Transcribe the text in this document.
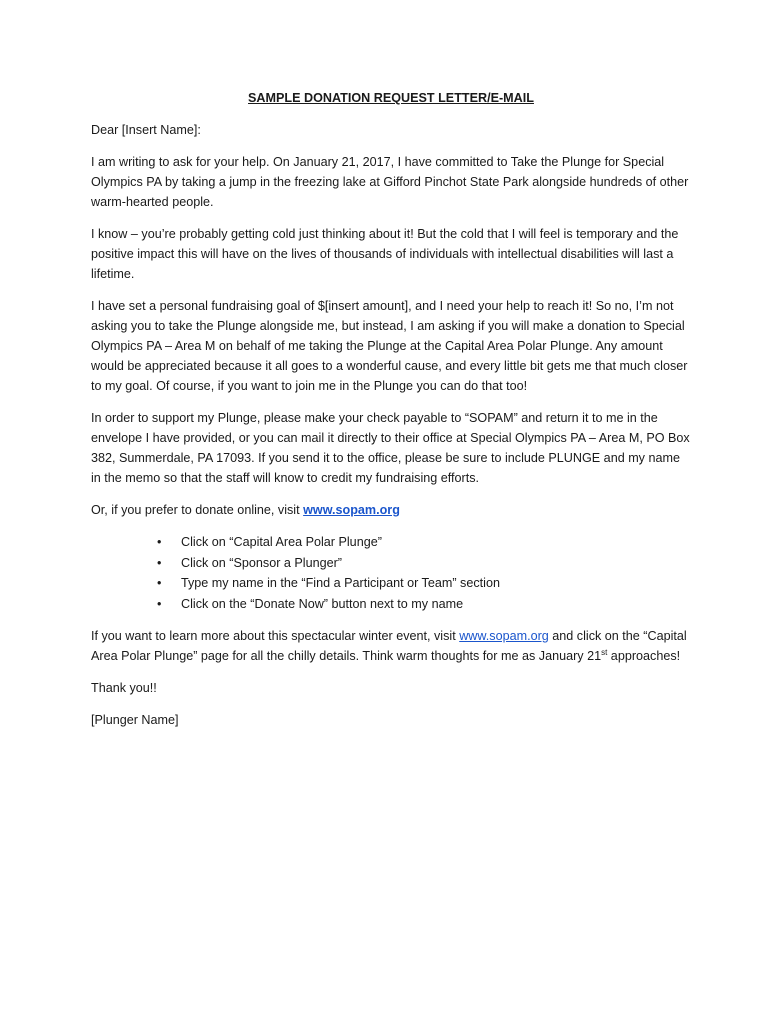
SAMPLE DONATION REQUEST LETTER/E-MAIL

Dear [Insert Name]:

I am writing to ask for your help. On January 21, 2017, I have committed to Take the Plunge for Special Olympics PA by taking a jump in the freezing lake at Gifford Pinchot State Park alongside hundreds of other warm-hearted people.

I know – you’re probably getting cold just thinking about it! But the cold that I will feel is temporary and the positive impact this will have on the lives of thousands of individuals with intellectual disabilities will last a lifetime.

I have set a personal fundraising goal of $[insert amount], and I need your help to reach it! So no, I’m not asking you to take the Plunge alongside me, but instead, I am asking if you will make a donation to Special Olympics PA – Area M on behalf of me taking the Plunge at the Capital Area Polar Plunge. Any amount would be appreciated because it all goes to a wonderful cause, and every little bit gets me that much closer to my goal. Of course, if you want to join me in the Plunge you can do that too!

In order to support my Plunge, please make your check payable to “SOPAM” and return it to me in the envelope I have provided, or you can mail it directly to their office at Special Olympics PA – Area M, PO Box 382, Summerdale, PA 17093. If you send it to the office, please be sure to include PLUNGE and my name in the memo so that the staff will know to credit my fundraising efforts.

Or, if you prefer to donate online, visit www.sopam.org

• Click on “Capital Area Polar Plunge”
• Click on “Sponsor a Plunger”
• Type my name in the “Find a Participant or Team” section
• Click on the “Donate Now” button next to my name

If you want to learn more about this spectacular winter event, visit www.sopam.org and click on the “Capital Area Polar Plunge” page for all the chilly details. Think warm thoughts for me as January 21st approaches!

Thank you!!

[Plunger Name]
